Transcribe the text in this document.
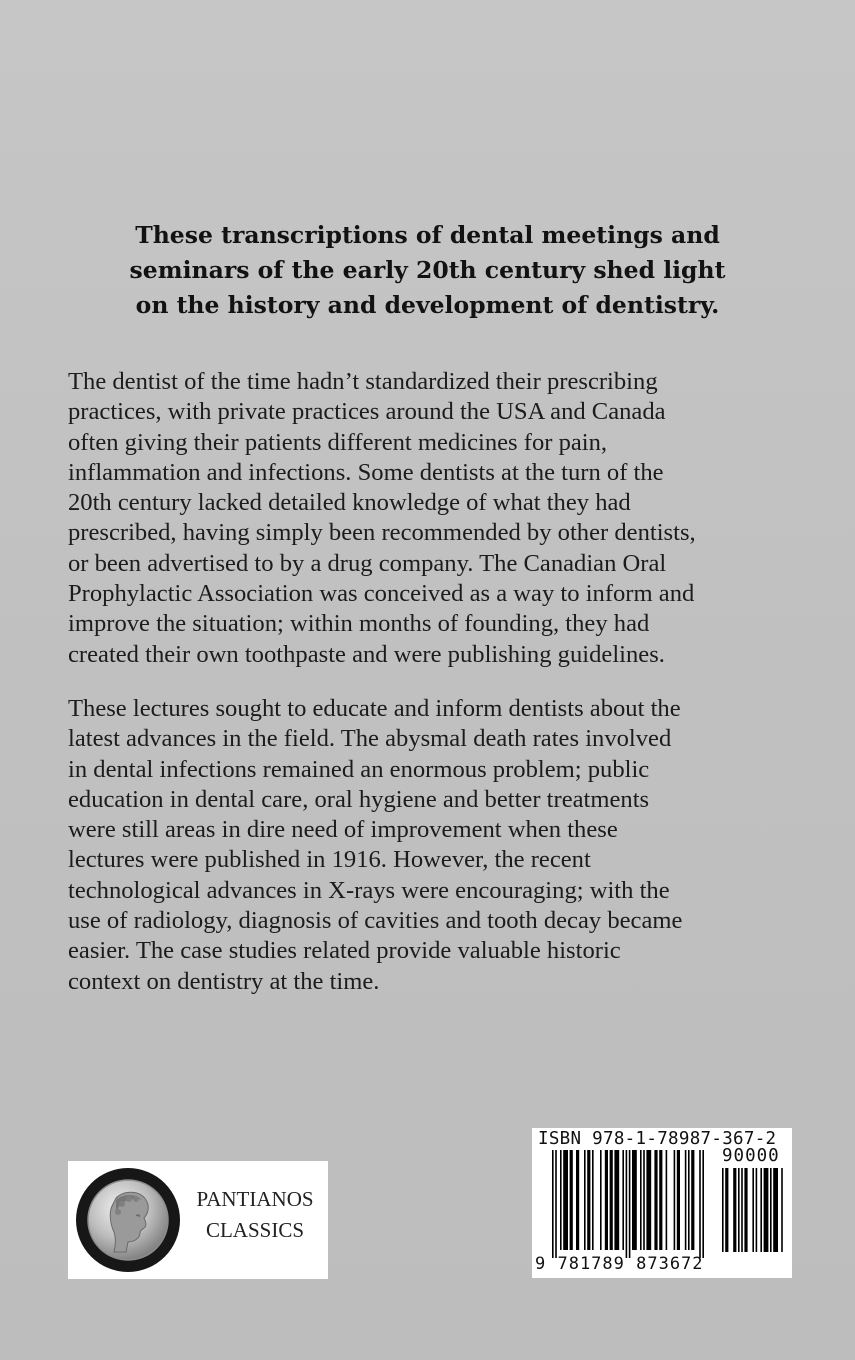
These transcriptions of dental meetings and
seminars of the early 20th century shed light
on the history and development of dentistry.
The dentist of the time hadn’t standardized their prescribing
practices, with private practices around the USA and Canada
often giving their patients different medicines for pain,
inflammation and infections. Some dentists at the turn of the
20th century lacked detailed knowledge of what they had
prescribed, having simply been recommended by other dentists,
or been advertised to by a drug company. The Canadian Oral
Prophylactic Association was conceived as a way to inform and
improve the situation; within months of founding, they had
created their own toothpaste and were publishing guidelines.
These lectures sought to educate and inform dentists about the
latest advances in the field. The abysmal death rates involved
in dental infections remained an enormous problem; public
education in dental care, oral hygiene and better treatments
were still areas in dire need of improvement when these
lectures were published in 1916. However, the recent
technological advances in X-rays were encouraging; with the
use of radiology, diagnosis of cavities and tooth decay became
easier. The case studies related provide valuable historic
context on dentistry at the time.
PANTIANOS
CLASSICS
ISBN 978-1-78987-367-2
90000
9 781789 873672
